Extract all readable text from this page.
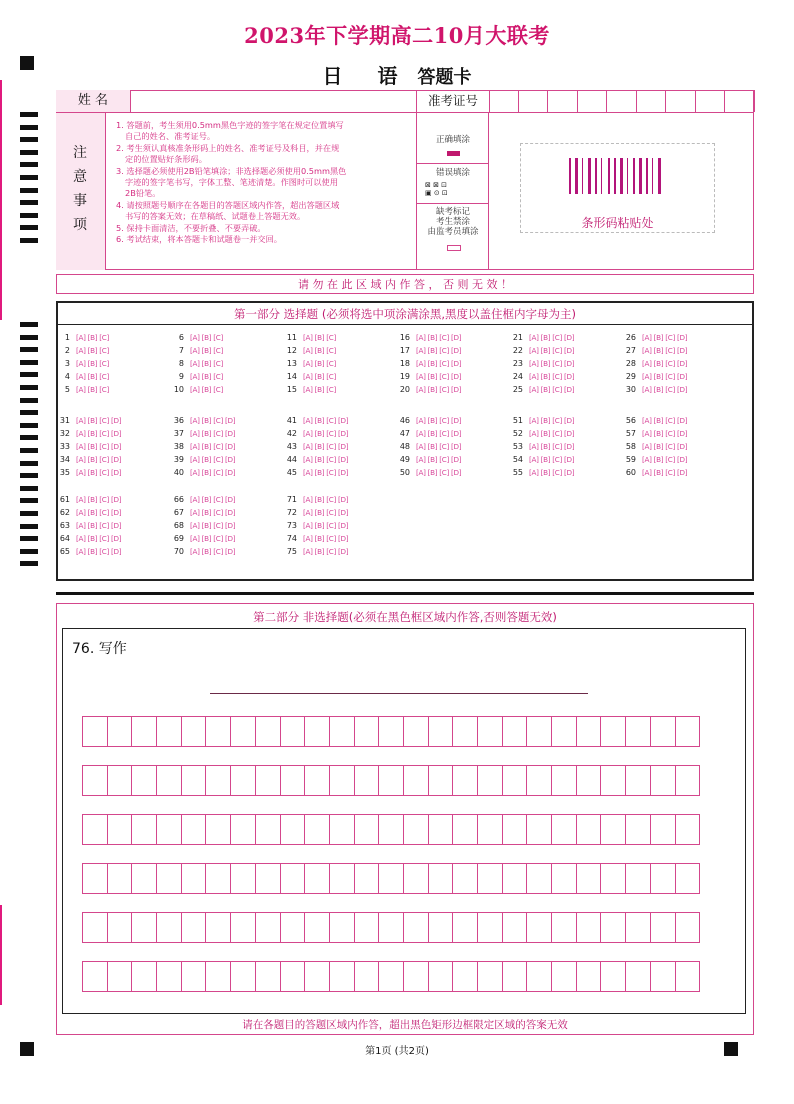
2023年下学期高二10月大联考
日 语 答题卡
姓 名	准考证号
注
意
事
项

1. 答题前，考生须用0.5mm黑色字迹的签字笔在规定位置填写

自己的姓名、准考证号。

2. 考生须认真核准条形码上的姓名、准考证号及科目，并在规

定的位置贴好条形码。

3. 选择题必须使用2B铅笔填涂；非选择题必须使用0.5mm黑色

字迹的签字笔书写，字体工整、笔迹清楚。作图时可以使用

2B铅笔。

4. 请按照题号顺序在各题目的答题区域内作答，超出答题区域

书写的答案无效；在草稿纸、试题卷上答题无效。

5. 保持卡面清洁，不要折叠、不要弄破。

6. 考试结束，将本答题卡和试题卷一并交回。

正确填涂
错误填涂
⊠ ⊠ ⊡
▣ ⊙ ⊡
缺考标记
考生禁涂
由监考员填涂
条形码粘贴处
请 勿 在 此 区 域 内 作 答 ， 否 则 无 效 ！
第一部分 选择题 (必须将选中项涂满涂黑,黑度以盖住框内字母为主)
1 [A] [B] [C]
2 [A] [B] [C]
3 [A] [B] [C]
4 [A] [B] [C]
5 [A] [B] [C]
6 [A] [B] [C]
7 [A] [B] [C]
8 [A] [B] [C]
9 [A] [B] [C]
10 [A] [B] [C]
11 [A] [B] [C]
12 [A] [B] [C]
13 [A] [B] [C]
14 [A] [B] [C]
15 [A] [B] [C]
16 [A] [B] [C] [D]
17 [A] [B] [C] [D]
18 [A] [B] [C] [D]
19 [A] [B] [C] [D]
20 [A] [B] [C] [D]
21 [A] [B] [C] [D]
22 [A] [B] [C] [D]
23 [A] [B] [C] [D]
24 [A] [B] [C] [D]
25 [A] [B] [C] [D]
26 [A] [B] [C] [D]
27 [A] [B] [C] [D]
28 [A] [B] [C] [D]
29 [A] [B] [C] [D]
30 [A] [B] [C] [D]
31 [A] [B] [C] [D]
32 [A] [B] [C] [D]
33 [A] [B] [C] [D]
34 [A] [B] [C] [D]
35 [A] [B] [C] [D]
36 [A] [B] [C] [D]
37 [A] [B] [C] [D]
38 [A] [B] [C] [D]
39 [A] [B] [C] [D]
40 [A] [B] [C] [D]
41 [A] [B] [C] [D]
42 [A] [B] [C] [D]
43 [A] [B] [C] [D]
44 [A] [B] [C] [D]
45 [A] [B] [C] [D]
46 [A] [B] [C] [D]
47 [A] [B] [C] [D]
48 [A] [B] [C] [D]
49 [A] [B] [C] [D]
50 [A] [B] [C] [D]
51 [A] [B] [C] [D]
52 [A] [B] [C] [D]
53 [A] [B] [C] [D]
54 [A] [B] [C] [D]
55 [A] [B] [C] [D]
56 [A] [B] [C] [D]
57 [A] [B] [C] [D]
58 [A] [B] [C] [D]
59 [A] [B] [C] [D]
60 [A] [B] [C] [D]
61 [A] [B] [C] [D]
62 [A] [B] [C] [D]
63 [A] [B] [C] [D]
64 [A] [B] [C] [D]
65 [A] [B] [C] [D]
66 [A] [B] [C] [D]
67 [A] [B] [C] [D]
68 [A] [B] [C] [D]
69 [A] [B] [C] [D]
70 [A] [B] [C] [D]
71 [A] [B] [C] [D]
72 [A] [B] [C] [D]
73 [A] [B] [C] [D]
74 [A] [B] [C] [D]
75 [A] [B] [C] [D]
第二部分 非选择题(必须在黑色框区域内作答,否则答题无效)
76. 写作
请在各题目的答题区域内作答，超出黑色矩形边框限定区域的答案无效
第1页 (共2页)
